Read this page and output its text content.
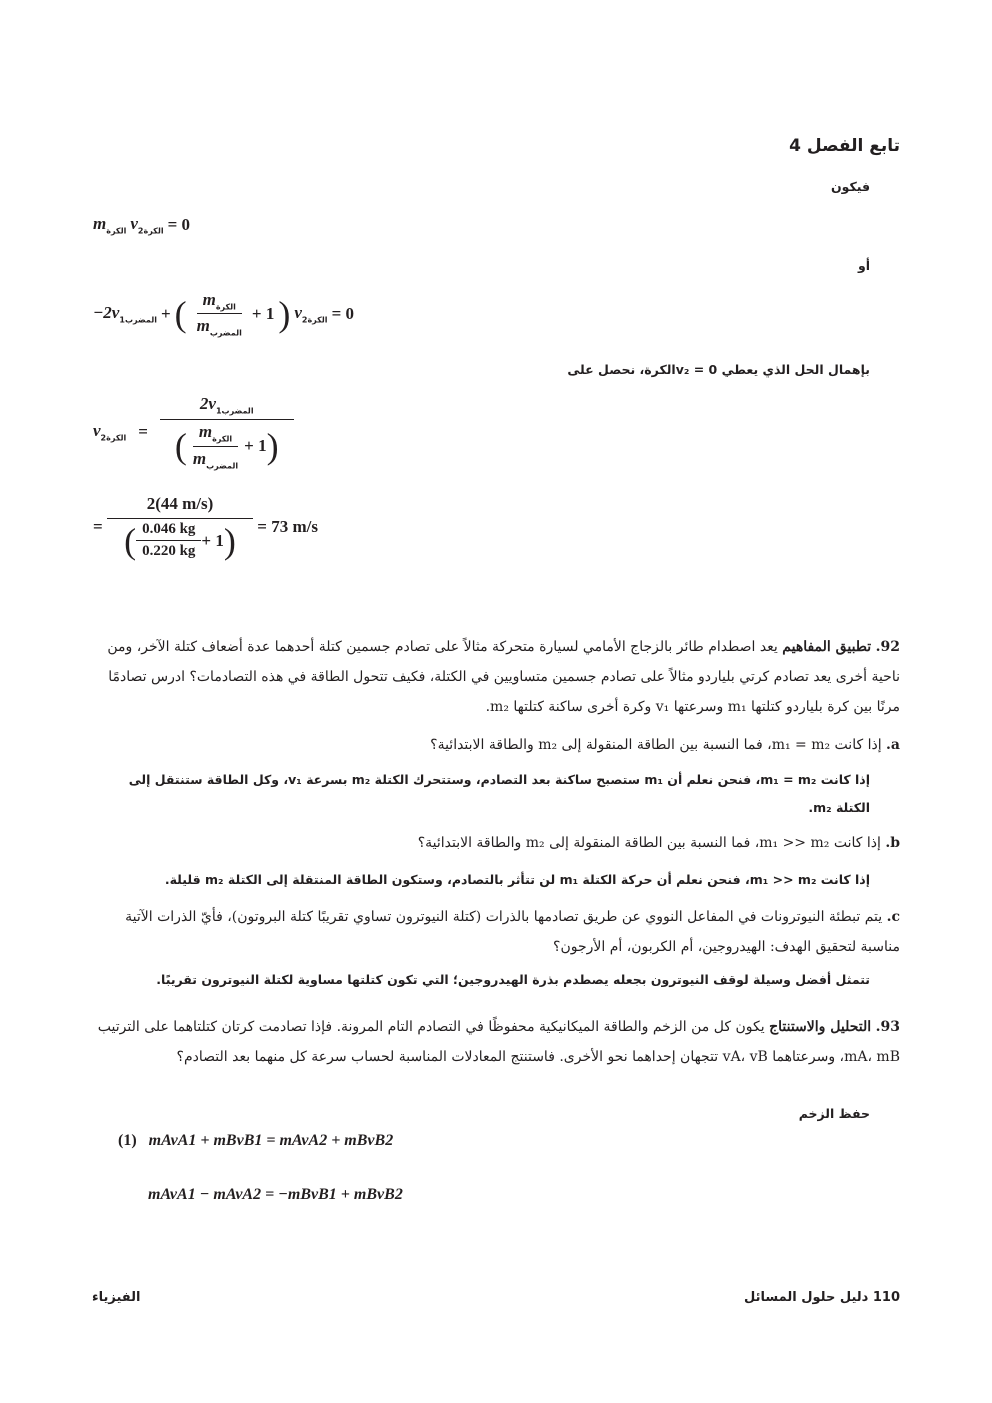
تابع الفصل 4
فيكون
أو
بإهمال الحل الذي يعطي 0 = v₂الكرة، نحصل على
$m_{الكرة}$ $v_{2الكرة} = 0$
$-2v_{1المضرب}$ + ( $\frac{m_{الكرة}}{m_{المضرب}} + 1$ ) $v_{2الكرة} = 0$
$v_{2الكرة}$ =
$2v_{1المضرب}$
( $\frac{m_{الكرة}}{m_{المضرب}} + 1$ )
=
2(44 m/s)
( $\frac{0.046 kg}{0.220 kg} + 1$ ) = 73 m/s
92. تطبيق المفاهيم يعد اصطدام طائر بالزجاج الأمامي لسيارة متحركة مثالاً على تصادم جسمين كتلة أحدهما عدة أضعاف كتلة الآخر، ومن ناحية أخرى يعد تصادم كرتي بلياردو مثالاً على تصادم جسمين متساويين في الكتلة، فكيف تتحول الطاقة في هذه التصادمات؟ ادرس تصادمًا مرنًا بين كرة بلياردو كتلتها m₁ وسرعتها v₁ وكرة أخرى ساكنة كتلتها m₂.
a. إذا كانت m₁ = m₂، فما النسبة بين الطاقة المنقولة إلى m₂ والطاقة الابتدائية؟
إذا كانت m₁ = m₂، فنحن نعلم أن m₁ ستصبح ساكنة بعد التصادم، وستتحرك الكتلة m₂ بسرعة v₁، وكل الطاقة ستنتقل إلى الكتلة m₂.
b. إذا كانت m₁ >> m₂، فما النسبة بين الطاقة المنقولة إلى m₂ والطاقة الابتدائية؟
إذا كانت m₁ >> m₂، فنحن نعلم أن حركة الكتلة m₁ لن تتأثر بالتصادم، وستكون الطاقة المنتقلة إلى الكتلة m₂ قليلة.
c. يتم تبطئة النيوترونات في المفاعل النووي عن طريق تصادمها بالذرات (كتلة النيوترون تساوي تقريبًا كتلة البروتون)، فأيّ الذرات الآتية مناسبة لتحقيق الهدف: الهيدروجين، أم الكربون، أم الأرجون؟
تتمثل أفضل وسيلة لوقف النيوترون بجعله يصطدم بذرة الهيدروجين؛ التي تكون كتلتها مساوية لكتلة النيوترون تقريبًا.
93. التحليل والاستنتاج يكون كل من الزخم والطاقة الميكانيكية محفوظًا في التصادم التام المرونة. فإذا تصادمت كرتان كتلتاهما على الترتيب mA، mB، وسرعتاهما vA، vB تتجهان إحداهما نحو الأخرى. فاستنتج المعادلات المناسبة لحساب سرعة كل منهما بعد التصادم؟
حفظ الزخم
(1) mAvA1 + mBvB1 = mAvA2 + mBvB2
mAvA1 − mAvA2 = −mBvB1 + mBvB2
110 دليل حلول المسائل
الفيزياء
